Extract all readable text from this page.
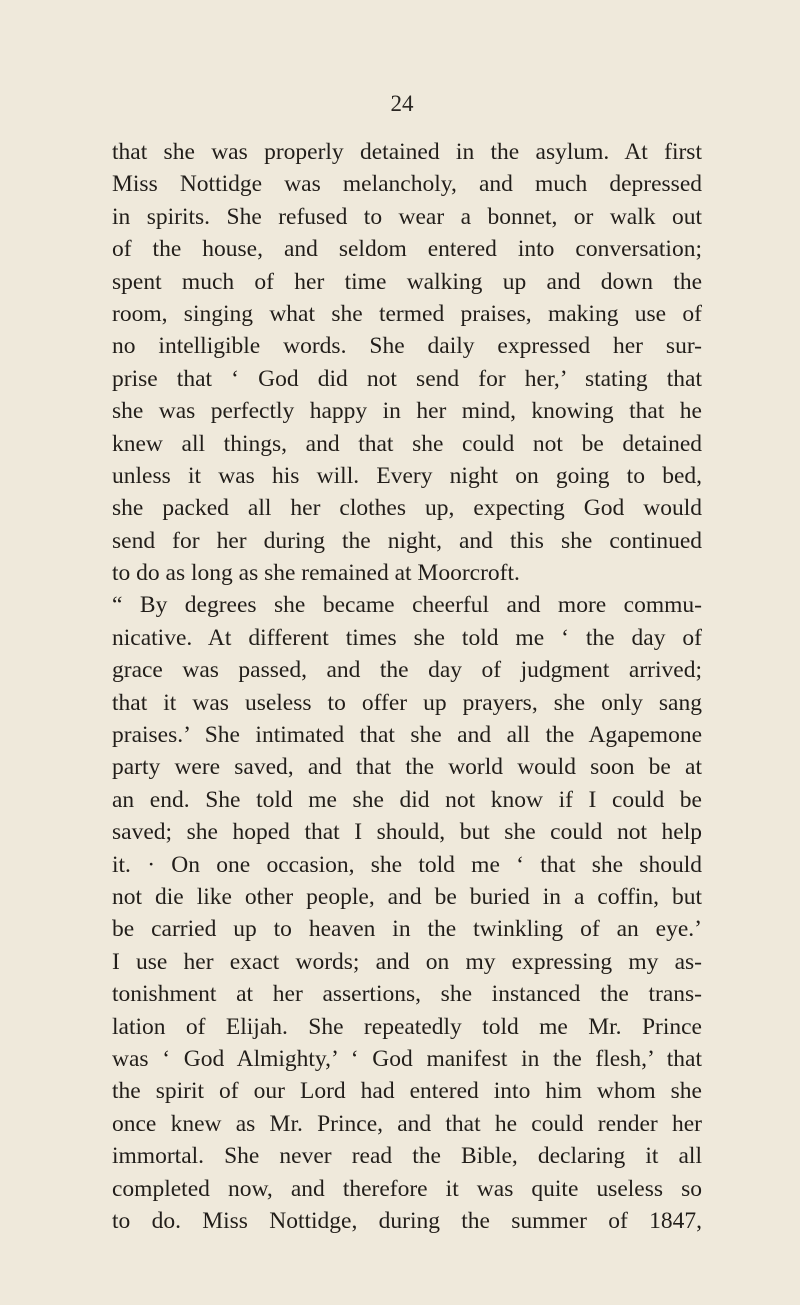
24
that she was properly detained in the asylum. At first
Miss Nottidge was melancholy, and much depressed
in spirits. She refused to wear a bonnet, or walk out
of the house, and seldom entered into conversation;
spent much of her time walking up and down the
room, singing what she termed praises, making use of
no intelligible words. She daily expressed her sur-
prise that ‘ God did not send for her,’ stating that
she was perfectly happy in her mind, knowing that he
knew all things, and that she could not be detained
unless it was his will. Every night on going to bed,
she packed all her clothes up, expecting God would
send for her during the night, and this she continued
to do as long as she remained at Moorcroft.
“ By degrees she became cheerful and more commu-
nicative. At different times she told me ‘ the day of
grace was passed, and the day of judgment arrived;
that it was useless to offer up prayers, she only sang
praises.’ She intimated that she and all the Agapemone
party were saved, and that the world would soon be at
an end. She told me she did not know if I could be
saved; she hoped that I should, but she could not help
it. · On one occasion, she told me ‘ that she should
not die like other people, and be buried in a coffin, but
be carried up to heaven in the twinkling of an eye.’
I use her exact words; and on my expressing my as-
tonishment at her assertions, she instanced the trans-
lation of Elijah. She repeatedly told me Mr. Prince
was ‘ God Almighty,’ ‘ God manifest in the flesh,’ that
the spirit of our Lord had entered into him whom she
once knew as Mr. Prince, and that he could render her
immortal. She never read the Bible, declaring it all
completed now, and therefore it was quite useless so
to do. Miss Nottidge, during the summer of 1847,
